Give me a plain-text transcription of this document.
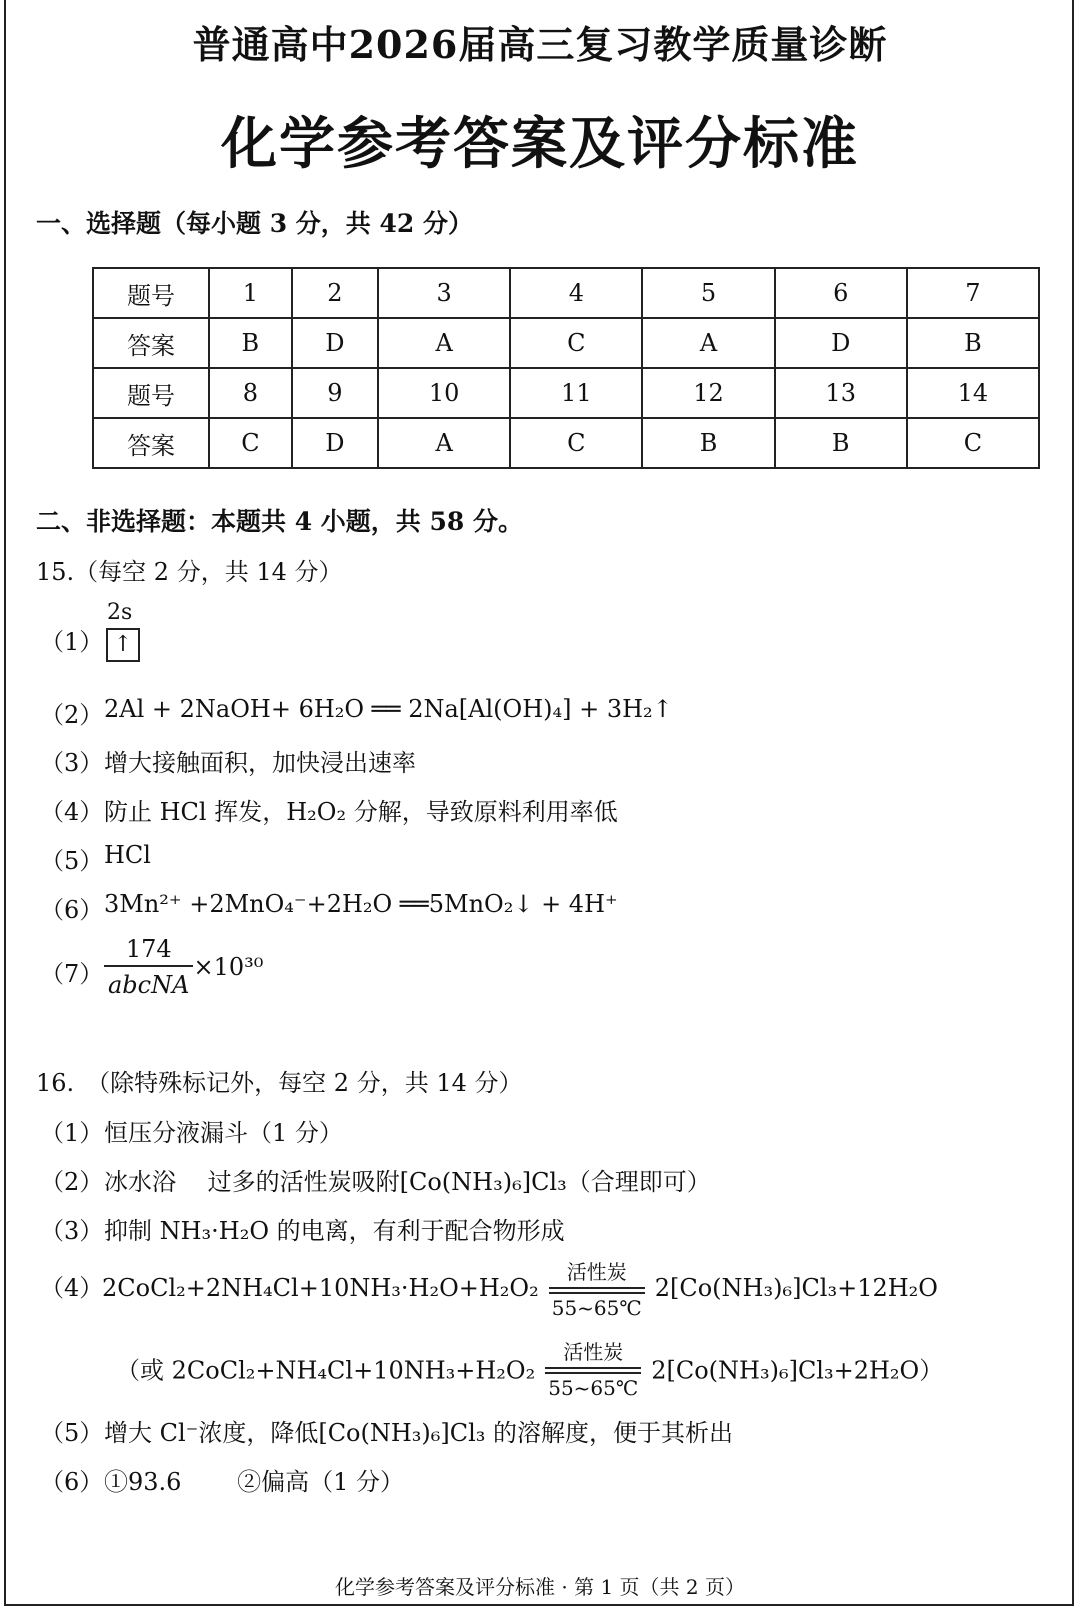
普通高中2026届高三复习教学质量诊断
化学参考答案及评分标准
一、选择题（每小题 3 分，共 42 分）
题号	1	2	3	4	5	6	7
答案	B	D	A	C	A	D	B
题号	8	9	10	11	12	13	14
答案	C	D	A	C	B	B	C
二、非选择题：本题共 4 小题，共 58 分。
15.（每空 2 分，共 14 分）
（1）
2s
↑
（2） 2Al + 2NaOH+ 6H₂O ══ 2Na[Al(OH)₄] + 3H₂↑
（3） 增大接触面积，加快浸出速率
（4） 防止 HCl 挥发，H₂O₂ 分解，导致原料利用率低
（5） HCl
（6） 3Mn²⁺ +2MnO₄⁻+2H₂O ══5MnO₂↓ + 4H⁺
$(7) \frac{174}{\text{abcNA}} \times 10^{30}$
16.　（除特殊标记外，每空 2 分，共 14 分）
（1） 恒压分液漏斗（1 分）
（2） 冰水浴　 过多的活性炭吸附[Co(NH₃)₆]Cl₃（合理即可）
（3） 抑制 NH₃·H₂O 的电离，有利于配合物形成
（4）
2CoCl₂+2NH₄Cl+10NH₃·H₂O+H₂O₂
活性炭
55~65℃
2[Co(NH₃)₆]Cl₃+12H₂O
（或 2CoCl₂+NH₄Cl+10NH₃+H₂O₂
活性炭
55~65℃
2[Co(NH₃)₆]Cl₃+2H₂O）
（5） 增大 Cl⁻浓度，降低[Co(NH₃)₆]Cl₃ 的溶解度，便于其析出
（6） ①93.6　　 ②偏高（1 分）
化学参考答案及评分标准 · 第 1 页（共 2 页）
